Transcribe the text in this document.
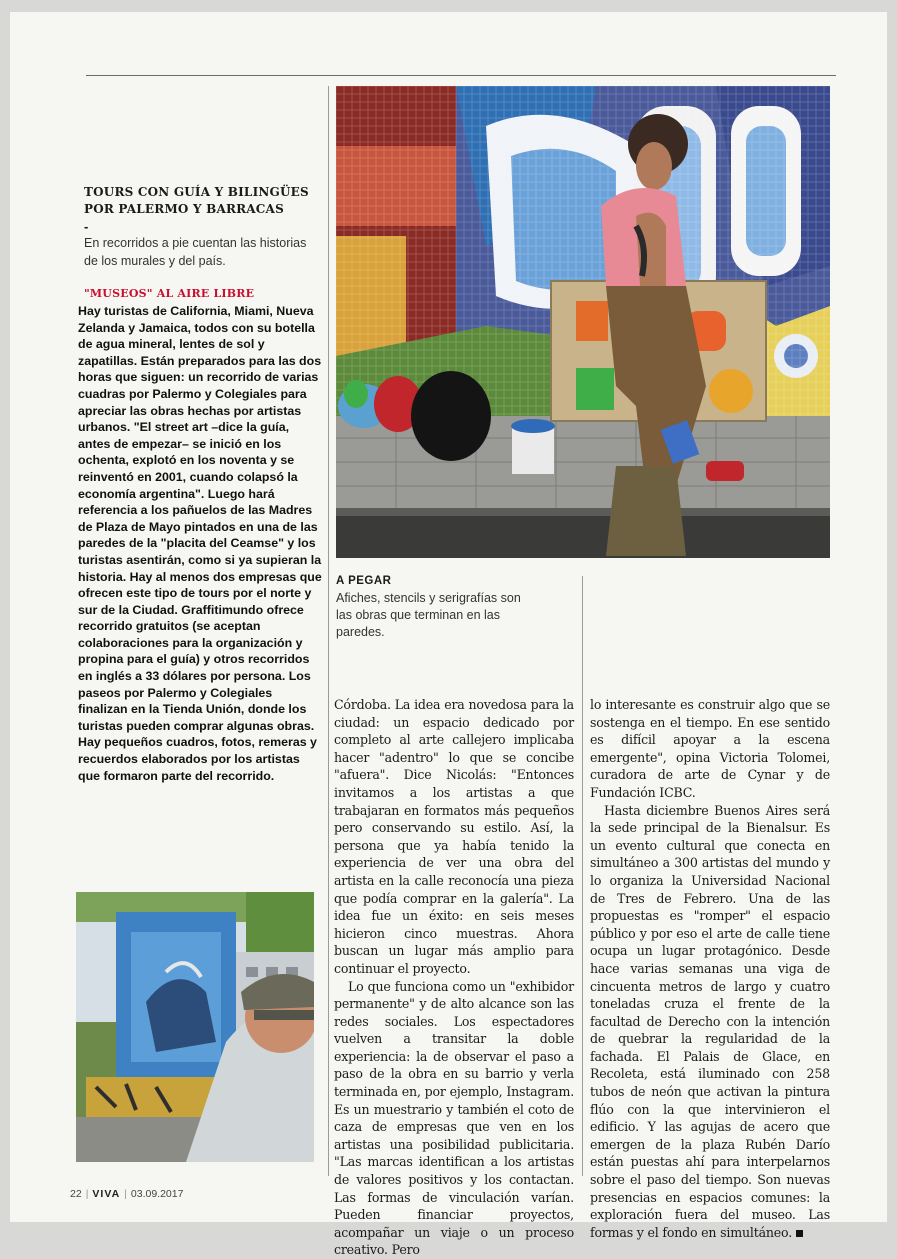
TOURS CON GUÍA Y BILINGÜES POR PALERMO Y BARRACAS
-
En recorridos a pie cuentan las historias de los murales y del país.
"MUSEOS" AL AIRE LIBRE
Hay turistas de California, Miami, Nueva Zelanda y Jamaica, todos con su botella de agua mineral, lentes de sol y zapatillas. Están preparados para las dos horas que siguen: un recorrido de varias cuadras por Palermo y Colegiales para apreciar las obras hechas por artistas urbanos. "El street art –dice la guía, antes de empezar– se inició en los ochenta, explotó en los noventa y se reinventó en 2001, cuando colapsó la economía argentina". Luego hará referencia a los pañuelos de las Madres de Plaza de Mayo pintados en una de las paredes de la "placita del Ceamse" y los turistas asentirán, como si ya supieran la historia. Hay al menos dos empresas que ofrecen este tipo de tours por el norte y sur de la Ciudad. Graffitimundo ofrece recorrido gratuitos (se aceptan colaboraciones para la organización y propina para el guía) y otros recorridos en inglés a 33 dólares por persona. Los paseos por Palermo y Colegiales finalizan en la Tienda Unión, donde los turistas pueden comprar algunas obras. Hay pequeños cuadros, fotos, remeras y recuerdos elaborados por los artistas que formaron parte del recorrido.
A PEGAR
Afiches, stencils y serigrafías son las obras que terminan en las paredes.

Córdoba. La idea era novedosa para la ciudad: un espacio dedicado por completo al arte callejero implicaba hacer "adentro" lo que se concibe "afuera". Dice Nicolás: "Entonces invitamos a los artistas a que trabajaran en formatos más pequeños pero conservando su estilo. Así, la persona que ya había tenido la experiencia de ver una obra del artista en la calle reconocía una pieza que podía comprar en la galería". La idea fue un éxito: en seis meses hicieron cinco muestras. Ahora buscan un lugar más amplio para continuar el proyecto.

Lo que funciona como un "exhibidor permanente" y de alto alcance son las redes sociales. Los espectadores vuelven a transitar la doble experiencia: la de observar el paso a paso de la obra en su barrio y verla terminada en, por ejemplo, Instagram. Es un muestrario y también el coto de caza de empresas que ven en los artistas una posibilidad publicitaria. "Las marcas identifican a los artistas de valores positivos y los contactan. Las formas de vinculación varían. Pueden financiar proyectos, acompañar un viaje o un proceso creativo. Pero

lo interesante es construir algo que se sostenga en el tiempo. En ese sentido es difícil apoyar a la escena emergente", opina Victoria Tolomei, curadora de arte de Cynar y de Fundación ICBC.

Hasta diciembre Buenos Aires será la sede principal de la Bienalsur. Es un evento cultural que conecta en simultáneo a 300 artistas del mundo y lo organiza la Universidad Nacional de Tres de Febrero. Una de las propuestas es "romper" el espacio público y por eso el arte de calle tiene ocupa un lugar protagónico. Desde hace varias semanas una viga de cincuenta metros de largo y cuatro toneladas cruza el frente de la facultad de Derecho con la intención de quebrar la regularidad de la fachada. El Palais de Glace, en Recoleta, está iluminado con 258 tubos de neón que activan la pintura flúo con la que intervinieron el edificio. Y las agujas de acero que emergen de la plaza Rubén Darío están puestas ahí para interpelarnos sobre el paso del tiempo. Son nuevas presencias en espacios comunes: la exploración fuera del museo. Las formas y el fondo en simultáneo.

22 | VIVA | 03.09.2017
